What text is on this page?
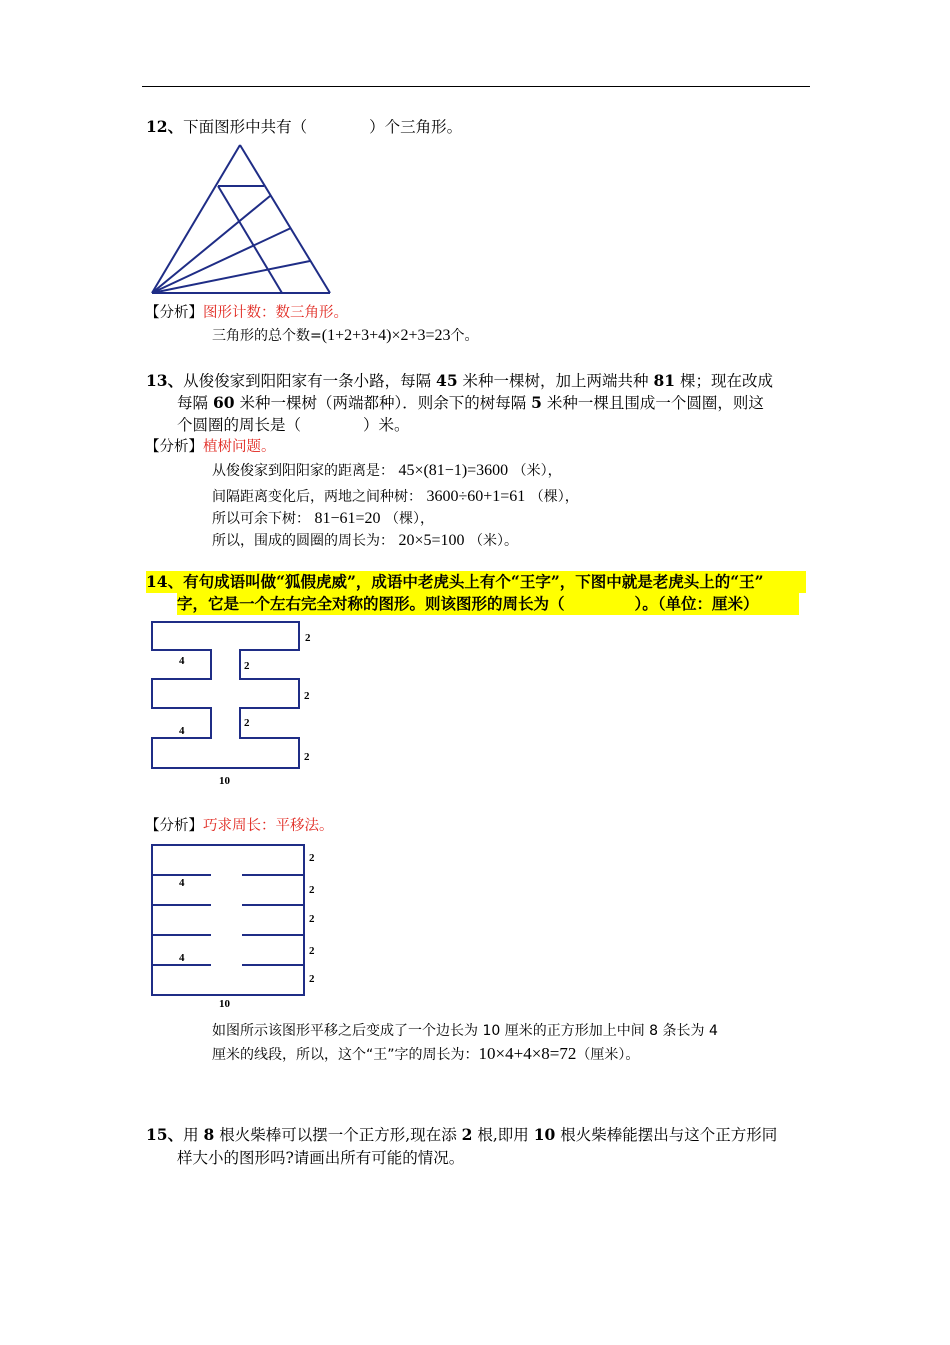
12、下面图形中共有（	）个三角形。
【分析】图形计数：数三角形。
三角形的总个数=(1+2+3+4)×2+3=23个。
13、从俊俊家到阳阳家有一条小路，每隔 45 米种一棵树，加上两端共种 81 棵；现在改成
每隔 60 米种一棵树（两端都种）．则余下的树每隔 5 米种一棵且围成一个圆圈，则这
个圆圈的周长是（	）米。
【分析】植树问题。
从俊俊家到阳阳家的距离是： 45×(81−1)=3600 （米），
间隔距离变化后，两地之间种树： 3600÷60+1=61 （棵），
所以可余下树： 81−61=20 （棵），
所以，围成的圆圈的周长为： 20×5=100 （米）。
14、有句成语叫做“狐假虎威”，成语中老虎头上有个“王字”，下图中就是老虎头上的“王”
字，它是一个左右完全对称的图形。则该图形的周长为（	）。（单位：厘米）
2
4	2
2
4
2
2
10
【分析】巧求周长：平移法。
2
4
2
2
4
2
2
10
如图所示该图形平移之后变成了一个边长为 10 厘米的正方形加上中间 8 条长为 4
厘米的线段，所以，这个“王”字的周长为：10×4+4×8=72（厘米）。
15、用 8 根火柴棒可以摆一个正方形,现在添 2 根,即用 10 根火柴棒能摆出与这个正方形同
样大小的图形吗?请画出所有可能的情况。
